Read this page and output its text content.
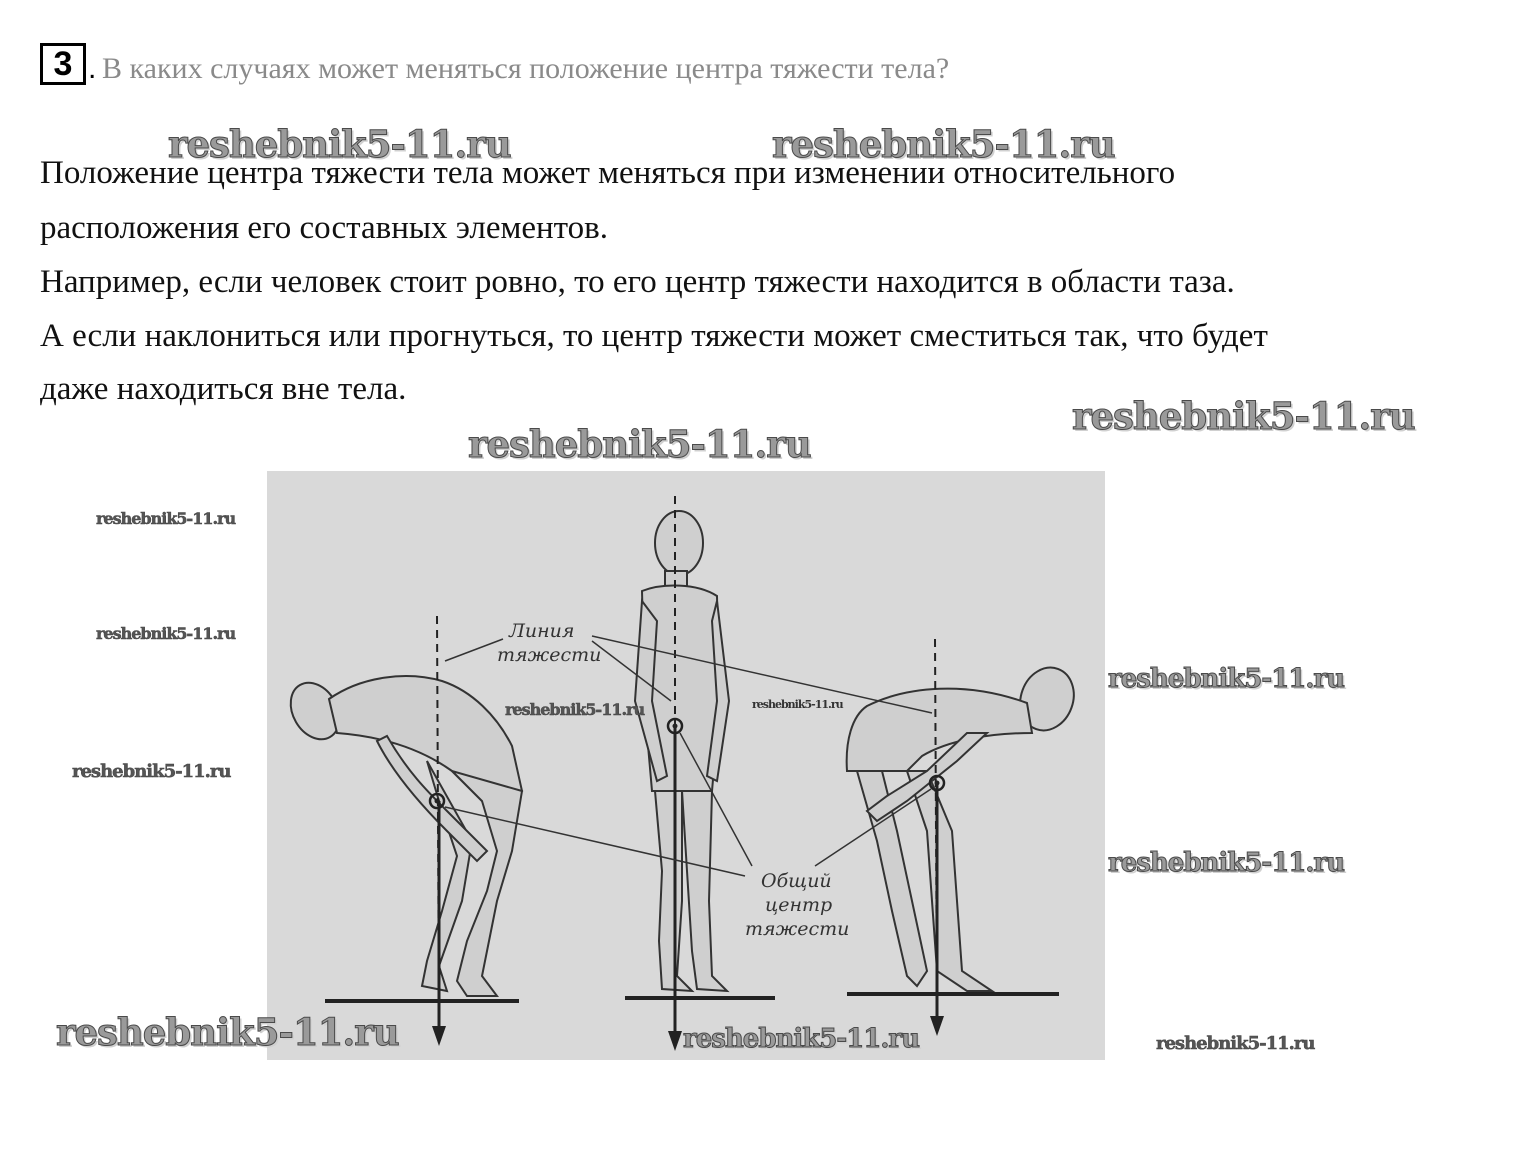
3 . В каких случаях может меняться положение центра тяжести тела?
reshebnik5-11.ru	reshebnik5-11.ru
Положение центра тяжести тела может меняться при изменении относительного
расположения его составных элементов.
Например, если человек стоит ровно, то его центр тяжести находится в области таза.
А если наклониться или прогнуться, то центр тяжести может сместиться так, что будет
даже находиться вне тела.
reshebnik5-11.ru
reshebnik5-11.ru
Линия
тяжести
Общий
центр
тяжести
reshebnik5-11.ru
reshebnik5-11.ru
reshebnik5-11.ru
reshebnik5-11.ru	reshebnik5-11.ru
reshebnik5-11.ru
reshebnik5-11.ru
reshebnik5-11.ru	reshebnik5-11.ru	reshebnik5-11.ru
